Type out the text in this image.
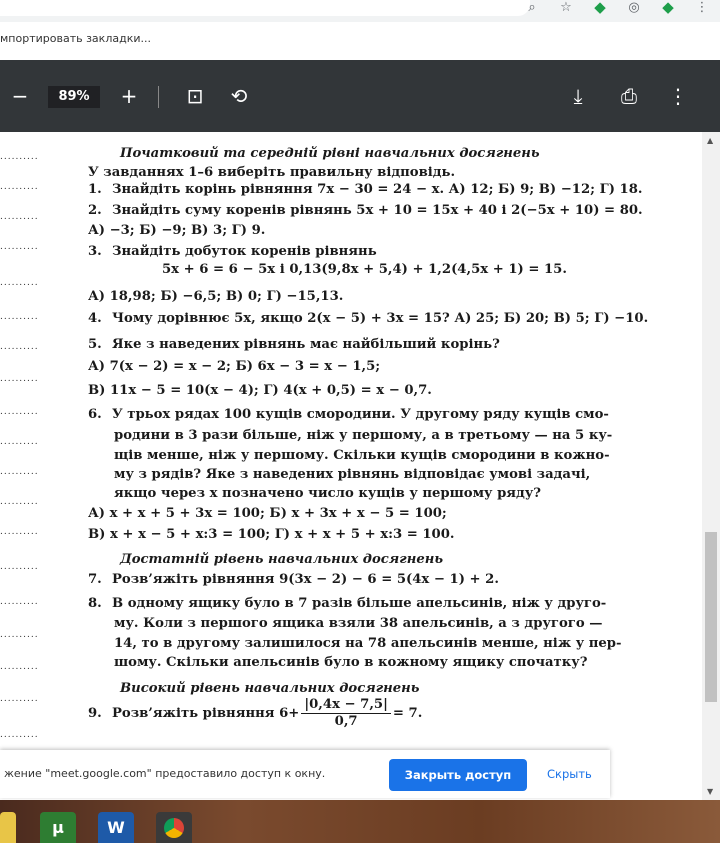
⌕	☆ ◆	◎ ◆	⋮
мпортировать закладки...
−	89%	+ ⊡ ⟲	⤓	⎙ ⋮
..........	Початковий та середній рівні навчальних досягнень
У завданнях 1–6 виберіть правильну відповідь.
..........	1. Знайдіть корінь рівняння 7x − 30 = 24 − x. А) 12; Б) 9; В) −12; Г) 18.
..........	2. Знайдіть суму коренів рівнянь 5x + 10 = 15x + 40 і 2(−5x + 10) = 80.
А) −3; Б) −9; В) 3; Г) 9.
..........	3. Знайдіть добуток коренів рівнянь
5x + 6 = 6 − 5x і 0,13(9,8x + 5,4) + 1,2(4,5x + 1) = 15.
..........
А) 18,98; Б) −6,5; В) 0; Г) −15,13.
..........	4. Чому дорівнює 5x, якщо 2(x − 5) + 3x = 15? А) 25; Б) 20; В) 5; Г) −10.
..........	5. Яке з наведених рівнянь має найбільший корінь?
А) 7(x − 2) = x − 2; Б) 6x − 3 = x − 1,5;
..........
В) 11x − 5 = 10(x − 4); Г) 4(x + 0,5) = x − 0,7.
..........	6. У трьох рядах 100 кущів смородини. У другому ряду кущів смо-
родини в 3 рази більше, ніж у першому, а в третьому — на 5 ку-
..........
щів менше, ніж у першому. Скільки кущів смородини в кожно-
..........	му з рядів? Яке з наведених рівнянь відповідає умові задачі,
якщо через x позначено число кущів у першому ряду?
..........
А) x + x + 5 + 3x = 100; Б) x + 3x + x − 5 = 100;
..........	В) x + x − 5 + x:3 = 100; Г) x + x + 5 + x:3 = 100.
Достатній рівень навчальних досягнень
..........
7. Розв’яжіть рівняння 9(3x − 2) − 6 = 5(4x − 1) + 2.
..........	8. В одному ящику було в 7 разів більше апельсинів, ніж у друго-
му. Коли з першого ящика взяли 38 апельсинів, а з другого —
..........
14, то в другому залишилося на 78 апельсинів менше, ніж у пер-
шому. Скільки апельсинів було в кожному ящику спочатку?
..........
Високий рівень навчальних досягнень
..........
9. Розв’яжіть рівняння $6+ \frac{|0,4x - 7,5|}{0,7} = 7$.
..........
▲
▼
жение "meet.google.com" предоставило доступ к окну.	Закрыть доступ	Скрыть
µ	W
